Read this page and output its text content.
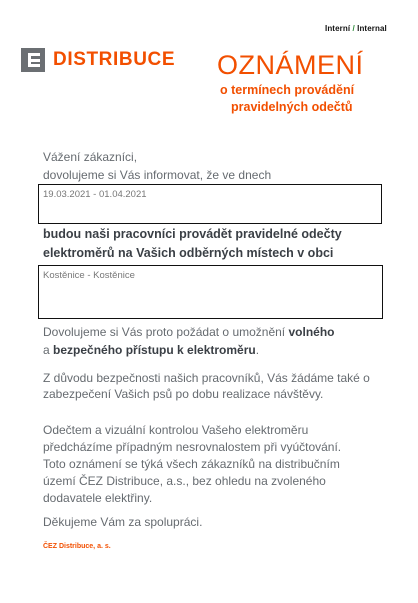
Interní / Internal
DISTRIBUCE OZNÁMENÍ
o termínech provádění
pravidelných odečtů
Vážení zákazníci,
dovolujeme si Vás informovat, že ve dnech
19.03.2021 - 01.04.2021
budou naši pracovníci provádět pravidelné odečty
elektroměrů na Vašich odběrných místech v obci
Kostěnice - Kostěnice
Dovolujeme si Vás proto požádat o umožnění volného
a bezpečného přístupu k elektroměru.
Z důvodu bezpečnosti našich pracovníků, Vás žádáme také o
zabezpečení Vašich psů po dobu realizace návštěvy.
Odečtem a vizuální kontrolou Vašeho elektroměru
předcházíme případným nesrovnalostem při vyúčtování.
Toto oznámení se týká všech zákazníků na distribučním
území ČEZ Distribuce, a.s., bez ohledu na zvoleného
dodavatele elektřiny.
Děkujeme Vám za spolupráci.
ČEZ Distribuce, a. s.
